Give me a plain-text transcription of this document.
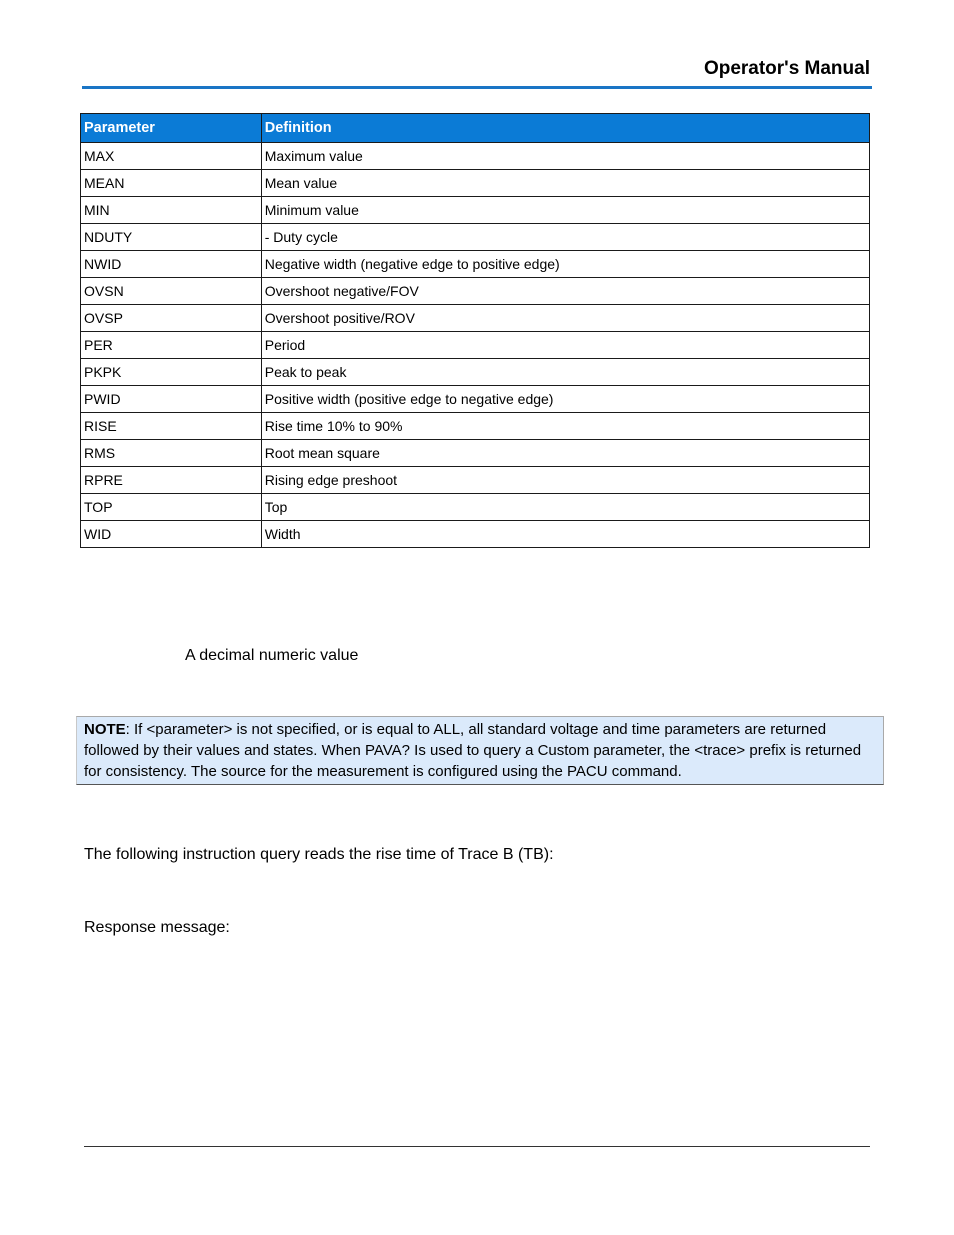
Operator's Manual
Parameter	Definition
MAX	Maximum value
MEAN	Mean value
MIN	Minimum value
NDUTY	- Duty cycle
NWID	Negative width (negative edge to positive edge)
OVSN	Overshoot negative/FOV
OVSP	Overshoot positive/ROV
PER	Period
PKPK	Peak to peak
PWID	Positive width (positive edge to negative edge)
RISE	Rise time 10% to 90%
RMS	Root mean square
RPRE	Rising edge preshoot
TOP	Top
WID	Width
A decimal numeric value
NOTE: If <parameter> is not specified, or is equal to ALL, all standard voltage and time parameters are returned followed by their values and states. When PAVA? Is used to query a Custom parameter, the <trace> prefix is returned for consistency. The source for the measurement is configured using the PACU command.
The following instruction query reads the rise time of Trace B (TB):
Response message:
